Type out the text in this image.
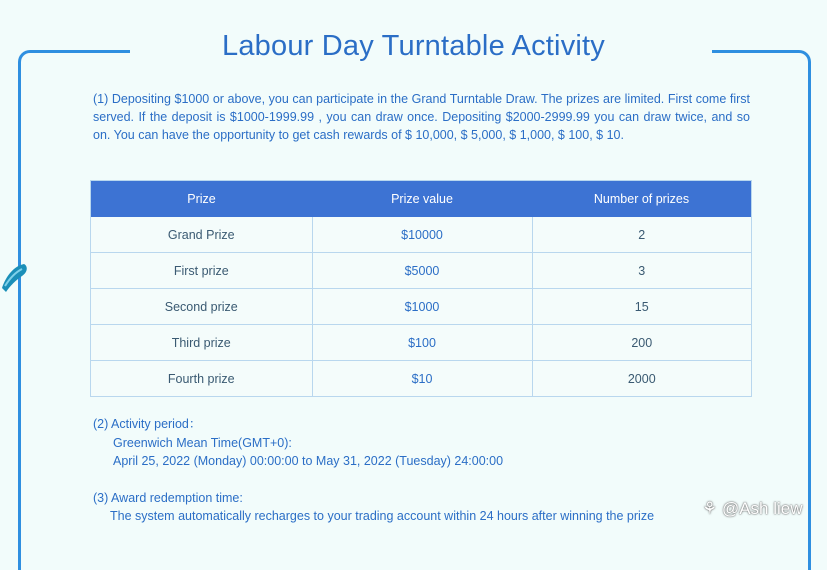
Labour Day Turntable Activity
(1) Depositing $1000 or above, you can participate in the Grand Turntable Draw. The prizes are limited. First come first served. If the deposit is $1000-1999.99 , you can draw once. Depositing $2000-2999.99 you can draw twice, and so on. You can have the opportunity to get cash rewards of $ 10,000, $ 5,000, $ 1,000, $ 100, $ 10.
Prize	Prize value	Number of prizes
Grand Prize	$10000	2
First prize	$5000	3
Second prize	$1000	15
Third prize	$100	200
Fourth prize	$10	2000
(2) Activity period：
Greenwich Mean Time(GMT+0):
April 25, 2022 (Monday) 00:00:00 to May 31, 2022 (Tuesday) 24:00:00
(3) Award redemption time:
The system automatically recharges to your trading account within 24 hours after winning the prize	⚘ @Ash liew
